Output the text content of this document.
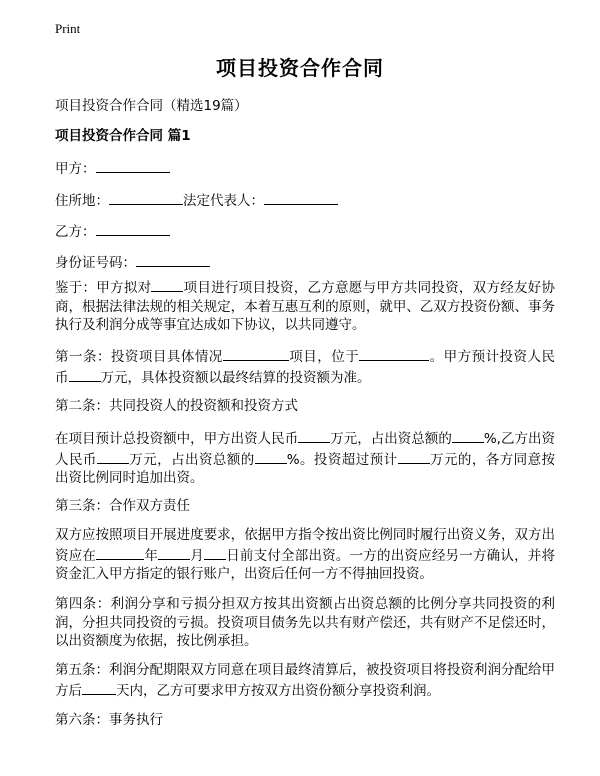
Print
项目投资合作合同
项目投资合作合同（精选19篇）
项目投资合作合同 篇1
甲方：
住所地：	法定代表人：
乙方：
身份证号码：
鉴于：甲方拟对 项目进行项目投资，乙方意愿与甲方共同投资，双方经友好协商，根据法律法规的相关规定，本着互惠互利的原则，就甲、乙双方投资份额、事务执行及利润分成等事宜达成如下协议，以共同遵守。
第一条：投资项目具体情况	项目，位于	。甲方预计投资人民币 万元，具体投资额以最终结算的投资额为准。
第二条：共同投资人的投资额和投资方式
在项目预计总投资额中，甲方出资人民币 万元，占出资总额的 %,乙方出资人民币 万元，占出资总额的 %。投资超过预计 万元的，各方同意按出资比例同时追加出资。
第三条：合作双方责任
双方应按照项目开展进度要求，依据甲方指令按出资比例同时履行出资义务，双方出资应在	年 月 日前支付全部出资。一方的出资应经另一方确认，并将资金汇入甲方指定的银行账户，出资后任何一方不得抽回投资。
第四条：利润分享和亏损分担双方按其出资额占出资总额的比例分享共同投资的利润，分担共同投资的亏损。投资项目债务先以共有财产偿还，共有财产不足偿还时，以出资额度为依据，按比例承担。
第五条：利润分配期限双方同意在项目最终清算后，被投资项目将投资利润分配给甲方后	天内，乙方可要求甲方按双方出资份额分享投资利润。
第六条：事务执行
